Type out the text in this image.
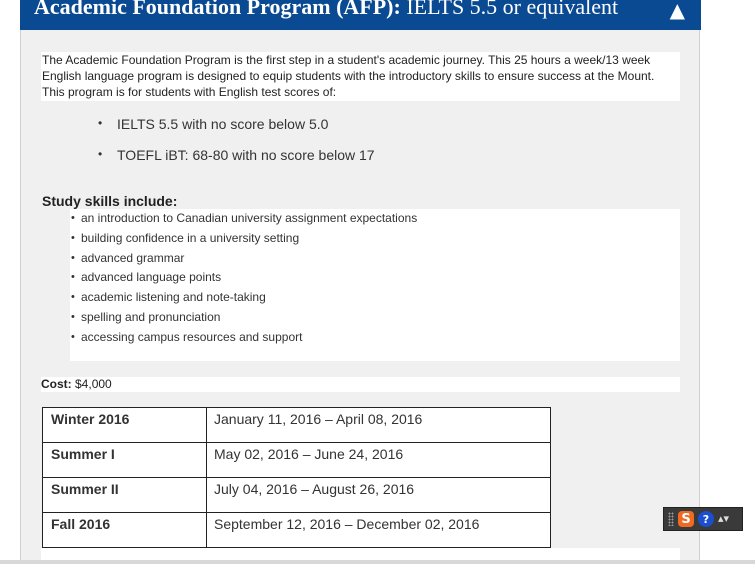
Academic Foundation Program (AFP): IELTS 5.5 or equivalent	▲

The Academic Foundation Program is the first step in a student's academic journey. This 25 hours a week/13 week English language program is designed to equip students with the introductory skills to ensure success at the Mount. This program is for students with English test scores of:

• IELTS 5.5 with no score below 5.0
• TOEFL iBT: 68-80 with no score below 17
Study skills include:
• an introduction to Canadian university assignment expectations
• building confidence in a university setting
• advanced grammar
• advanced language points
• academic listening and note-taking
• spelling and pronunciation
• accessing campus resources and support
Cost: $4,000
Winter 2016	January 11, 2016 – April 08, 2016
Summer I	May 02, 2016 – June 24, 2016
Summer II	July 04, 2016 – August 26, 2016
Fall 2016	September 12, 2016 – December 02, 2016	S	? ▴▾
